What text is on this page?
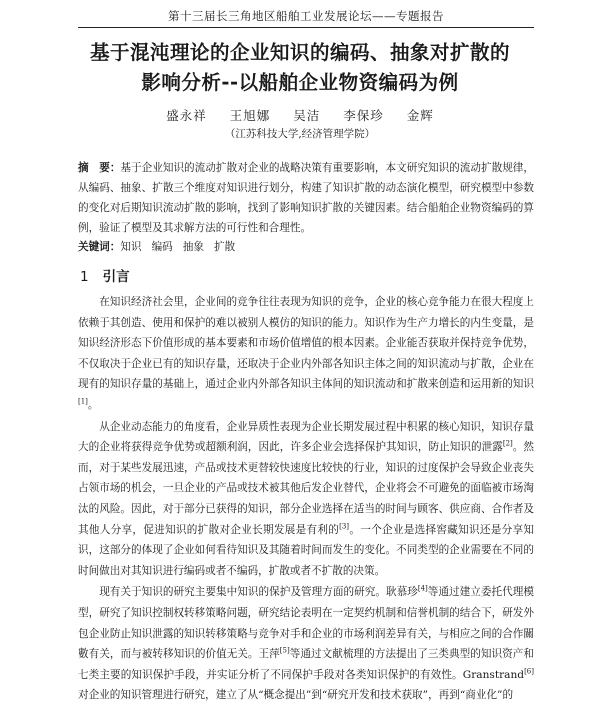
第十三届长三角地区船舶工业发展论坛——专题报告
基于混沌理论的企业知识的编码、抽象对扩散的
影响分析--以船舶企业物资编码为例
盛永祥 王旭娜 吴洁 李保珍 金辉
（江苏科技大学,经济管理学院）
摘　要：基于企业知识的流动扩散对企业的战略决策有重要影响，本文研究知识的流动扩散规律，从编码、抽象、扩散三个维度对知识进行划分，构建了知识扩散的动态演化模型，研究模型中参数的变化对后期知识流动扩散的影响，找到了影响知识扩散的关键因素。结合船舶企业物资编码的算例，验证了模型及其求解方法的可行性和合理性。
关键词：知识 编码 抽象 扩散
1 引言

在知识经济社会里，企业间的竞争往往表现为知识的竞争，企业的核心竞争能力在很大程度上依赖于其创造、使用和保护的难以被别人模仿的知识的能力。知识作为生产力增长的内生变量，是知识经济形态下价值形成的基本要素和市场价值增值的根本因素。企业能否获取并保持竞争优势，不仅取决于企业已有的知识存量，还取决于企业内外部各知识主体之间的知识流动与扩散，企业在现有的知识存量的基础上，通过企业内外部各知识主体间的知识流动和扩散来创造和运用新的知识[1]。

从企业动态能力的角度看，企业异质性表现为企业长期发展过程中积累的核心知识，知识存量大的企业将获得竞争优势或超额利润，因此，许多企业会选择保护其知识，防止知识的泄露[2]。然而，对于某些发展迅速，产品或技术更替较快速度比较快的行业，知识的过度保护会导致企业丧失占领市场的机会，一旦企业的产品或技术被其他后发企业替代，企业将会不可避免的面临被市场淘汰的风险。因此，对于部分已获得的知识，部分企业选择在适当的时间与顾客、供应商、合作者及其他人分享，促进知识的扩散对企业长期发展是有利的[3]。一个企业是选择窖藏知识还是分享知识，这部分的体现了企业如何看待知识及其随着时间而发生的变化。不同类型的企业需要在不同的时间做出对其知识进行编码或者不编码，扩散或者不扩散的决策。

现有关于知识的研究主要集中知识的保护及管理方面的研究。耿慕珍[4]等通过建立委托代理模型，研究了知识控制权转移策略问题，研究结论表明在一定契约机制和信誉机制的结合下，研发外包企业防止知识泄露的知识转移策略与竞争对手和企业的市场利润差异有关，与相应之间的合作關數有关，而与被转移知识的价值无关。王萍[5]等通过文献梳理的方法提出了三类典型的知识资产和七类主要的知识保护手段，并实证分析了不同保护手段对各类知识保护的有效性。Granstrand[6]对企业的知识管理进行研究，建立了从“概念提出”到“研究开发和技术获取”，再到“商业化”的
